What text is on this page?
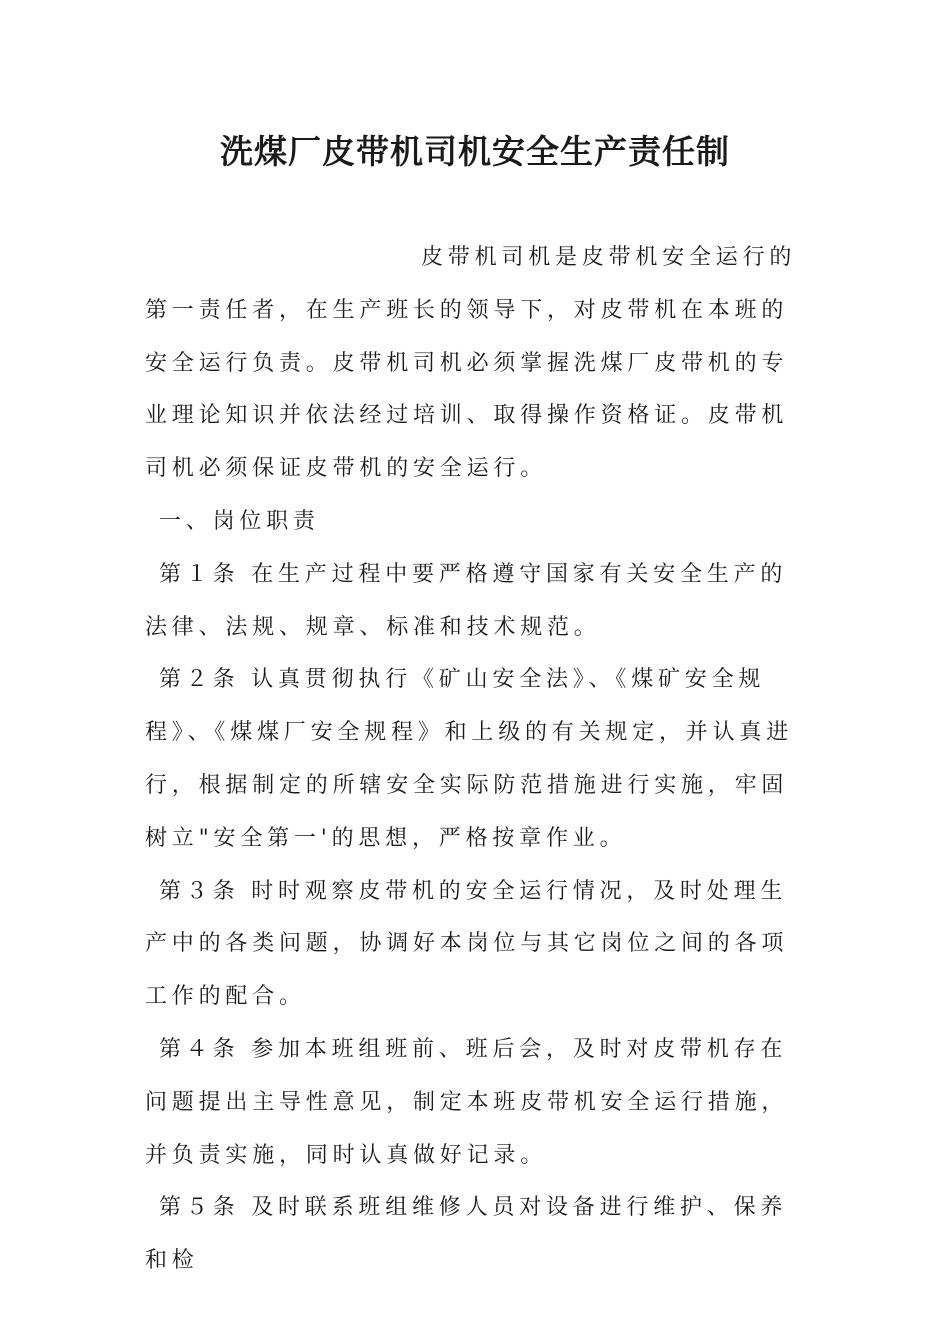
洗煤厂皮带机司机安全生产责任制

皮带机司机是皮带机安全运行的第一责任者，在生产班长的领导下，对皮带机在本班的安全运行负责。皮带机司机必须掌握洗煤厂皮带机的专业理论知识并依法经过培训、取得操作资格证。皮带机司机必须保证皮带机的安全运行。

一、岗位职责

第１条 在生产过程中要严格遵守国家有关安全生产的法律、法规、规章、标准和技术规范。

第２条 认真贯彻执行《矿山安全法》、《煤矿安全规程》、《煤煤厂安全规程》和上级的有关规定，并认真进行，根据制定的所辖安全实际防范措施进行实施，牢固树立"安全第一'的思想，严格按章作业。

第３条 时时观察皮带机的安全运行情况，及时处理生产中的各类问题，协调好本岗位与其它岗位之间的各项工作的配合。

第４条 参加本班组班前、班后会，及时对皮带机存在问题提出主导性意见，制定本班皮带机安全运行措施，并负责实施，同时认真做好记录。

第５条 及时联系班组维修人员对设备进行维护、保养和检
